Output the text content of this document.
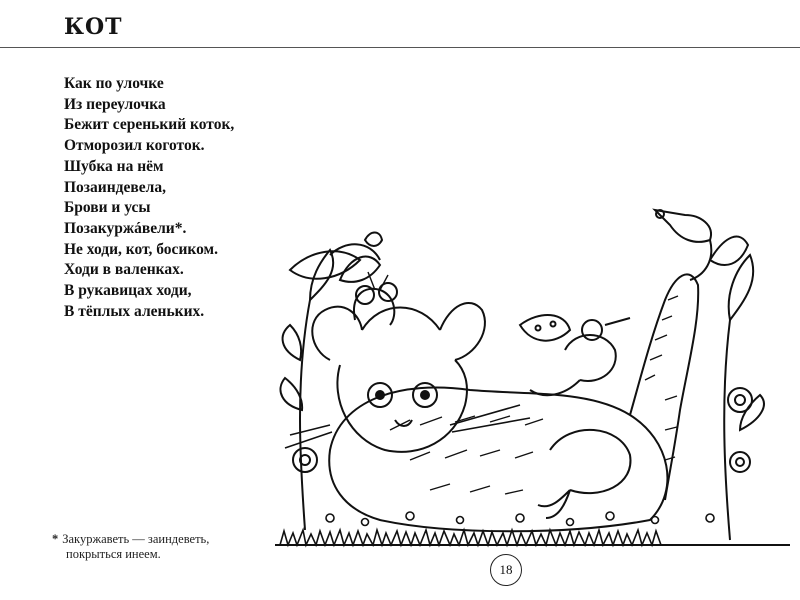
КОТ
Как по улочке
Из переулочка
Бежит серенький коток,
Отморозил коготок.
Шубка на нём
Позаиндевела,
Брови и усы
Позакуржáвели*.
Не ходи, кот, босиком.
Ходи в валенках.
В рукавицах ходи,
В тёплых аленьких.
* Закуржаветь — заиндеветь,
покрыться инеем.
18
